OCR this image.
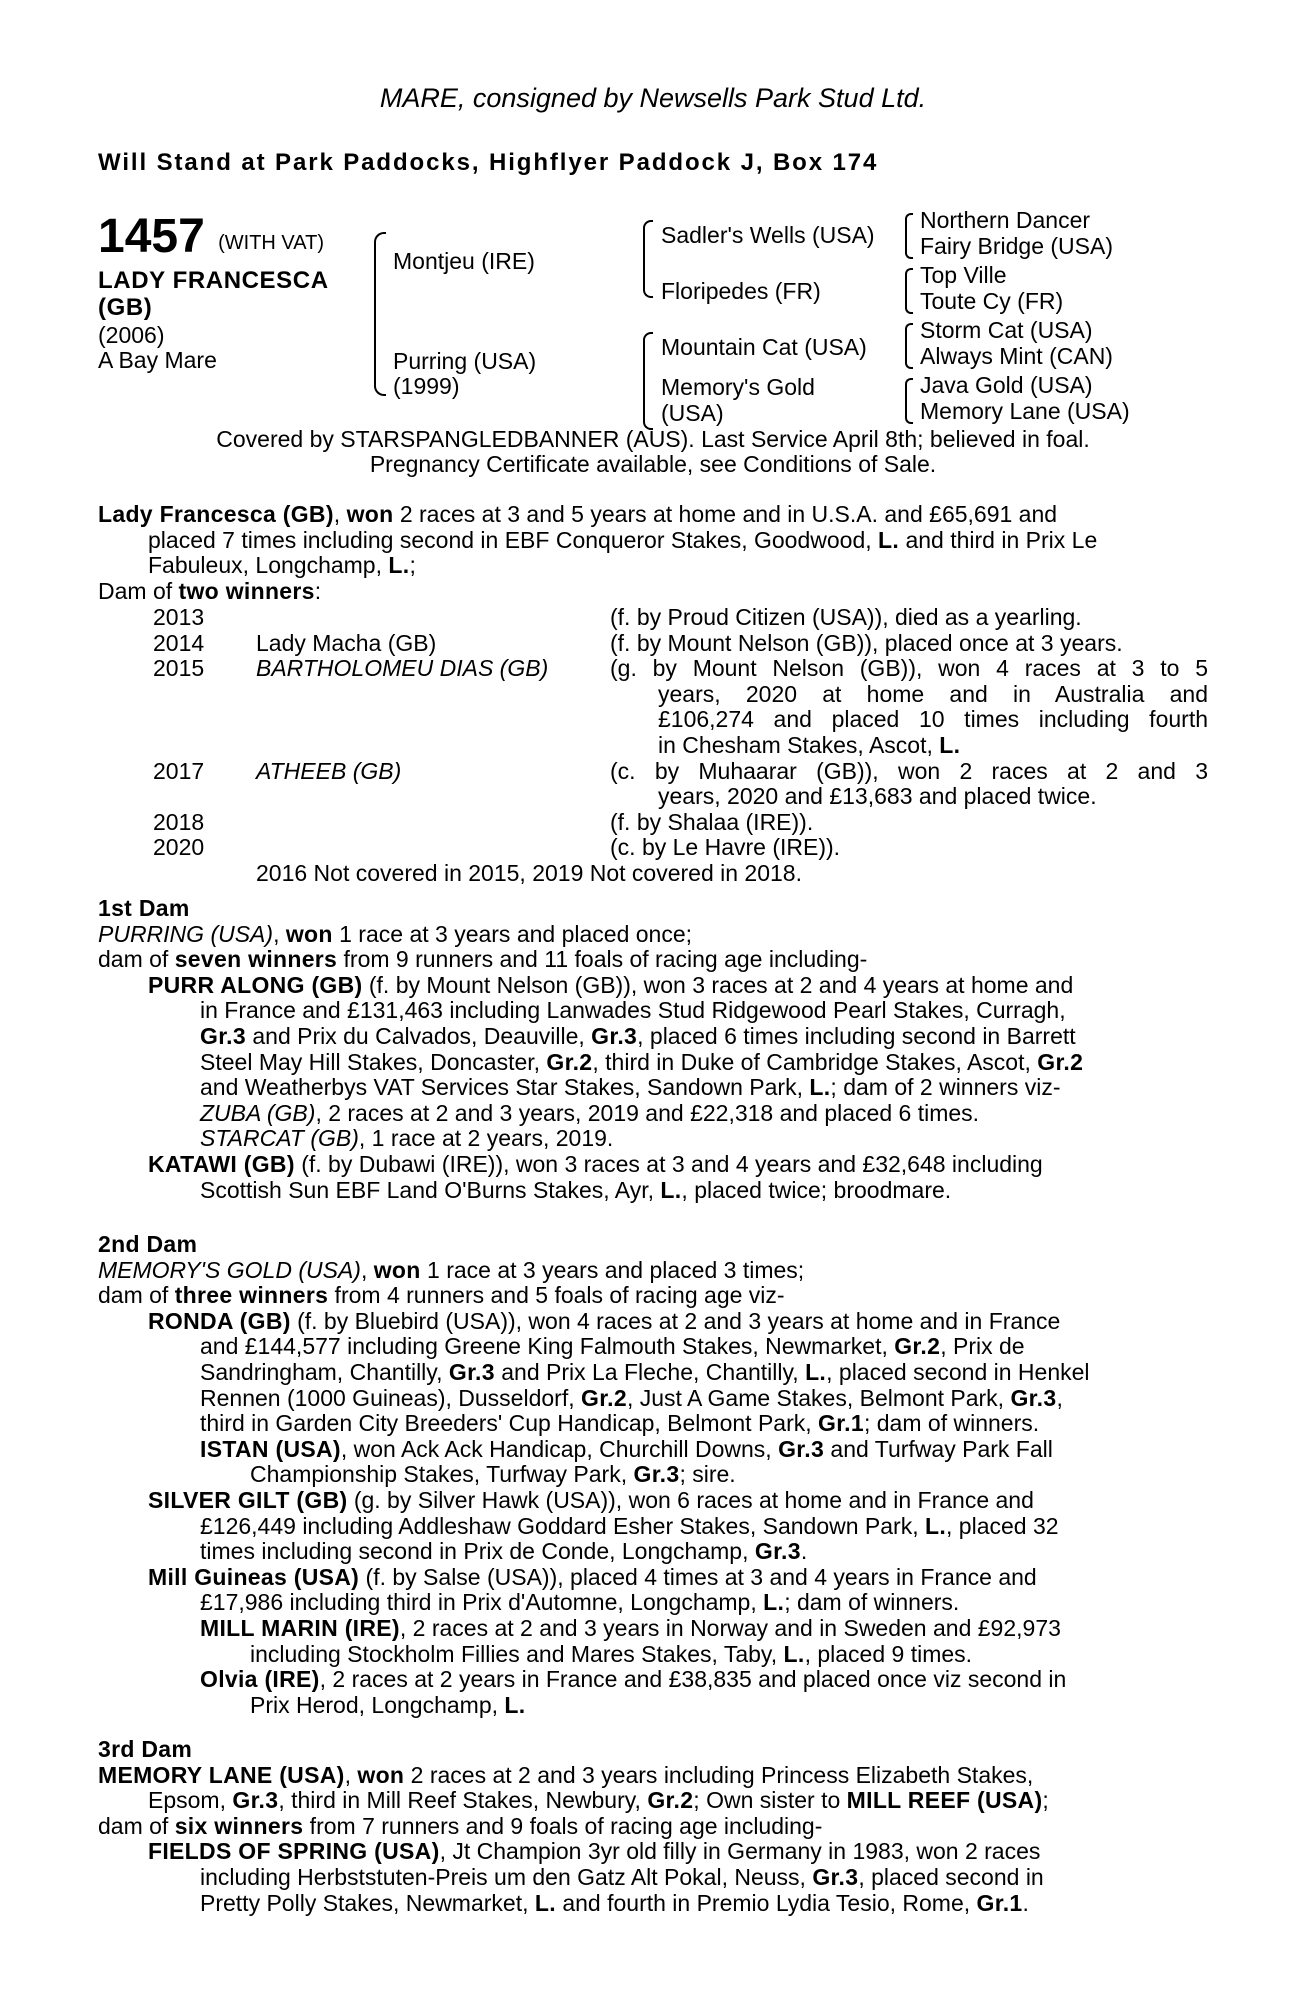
MARE, consigned by Newsells Park Stud Ltd.
Will Stand at Park Paddocks, Highflyer Paddock J, Box 174
1457 (WITH VAT)
LADY FRANCESCA
(GB)
(2006)
A Bay Mare
Montjeu (IRE)
Purring (USA)
(1999)
Sadler's Wells (USA)
Floripedes (FR)
Mountain Cat (USA)
Memory's Gold
(USA)
Northern Dancer
Fairy Bridge (USA)
Top Ville
Toute Cy (FR)
Storm Cat (USA)
Always Mint (CAN)
Java Gold (USA)
Memory Lane (USA)
Covered by STARSPANGLEDBANNER (AUS). Last Service April 8th; believed in foal.
Pregnancy Certificate available, see Conditions of Sale.
Lady Francesca (GB), won 2 races at 3 and 5 years at home and in U.S.A. and £65,691 and
placed 7 times including second in EBF Conqueror Stakes, Goodwood, L. and third in Prix Le
Fabuleux, Longchamp, L.;
Dam of two winners:
2013	(f. by Proud Citizen (USA)), died as a yearling.
2014 Lady Macha (GB)	(f. by Mount Nelson (GB)), placed once at 3 years.
2015 BARTHOLOMEU DIAS (GB)	(g. by Mount Nelson (GB)), won 4 races at 3 to 5
years, 2020 at home and in Australia and
£106,274 and placed 10 times including fourth
in Chesham Stakes, Ascot, L.
2017 ATHEEB (GB)	(c. by Muhaarar (GB)), won 2 races at 2 and 3
years, 2020 and £13,683 and placed twice.
2018	(f. by Shalaa (IRE)).
2020	(c. by Le Havre (IRE)).
2016 Not covered in 2015, 2019 Not covered in 2018.
1st Dam
PURRING (USA), won 1 race at 3 years and placed once;
dam of seven winners from 9 runners and 11 foals of racing age including-
PURR ALONG (GB) (f. by Mount Nelson (GB)), won 3 races at 2 and 4 years at home and
in France and £131,463 including Lanwades Stud Ridgewood Pearl Stakes, Curragh,
Gr.3 and Prix du Calvados, Deauville, Gr.3, placed 6 times including second in Barrett
Steel May Hill Stakes, Doncaster, Gr.2, third in Duke of Cambridge Stakes, Ascot, Gr.2
and Weatherbys VAT Services Star Stakes, Sandown Park, L.; dam of 2 winners viz-
ZUBA (GB), 2 races at 2 and 3 years, 2019 and £22,318 and placed 6 times.
STARCAT (GB), 1 race at 2 years, 2019.
KATAWI (GB) (f. by Dubawi (IRE)), won 3 races at 3 and 4 years and £32,648 including
Scottish Sun EBF Land O'Burns Stakes, Ayr, L., placed twice; broodmare.
2nd Dam
MEMORY'S GOLD (USA), won 1 race at 3 years and placed 3 times;
dam of three winners from 4 runners and 5 foals of racing age viz-
RONDA (GB) (f. by Bluebird (USA)), won 4 races at 2 and 3 years at home and in France
and £144,577 including Greene King Falmouth Stakes, Newmarket, Gr.2, Prix de
Sandringham, Chantilly, Gr.3 and Prix La Fleche, Chantilly, L., placed second in Henkel
Rennen (1000 Guineas), Dusseldorf, Gr.2, Just A Game Stakes, Belmont Park, Gr.3,
third in Garden City Breeders' Cup Handicap, Belmont Park, Gr.1; dam of winners.
ISTAN (USA), won Ack Ack Handicap, Churchill Downs, Gr.3 and Turfway Park Fall
Championship Stakes, Turfway Park, Gr.3; sire.
SILVER GILT (GB) (g. by Silver Hawk (USA)), won 6 races at home and in France and
£126,449 including Addleshaw Goddard Esher Stakes, Sandown Park, L., placed 32
times including second in Prix de Conde, Longchamp, Gr.3.
Mill Guineas (USA) (f. by Salse (USA)), placed 4 times at 3 and 4 years in France and
£17,986 including third in Prix d'Automne, Longchamp, L.; dam of winners.
MILL MARIN (IRE), 2 races at 2 and 3 years in Norway and in Sweden and £92,973
including Stockholm Fillies and Mares Stakes, Taby, L., placed 9 times.
Olvia (IRE), 2 races at 2 years in France and £38,835 and placed once viz second in
Prix Herod, Longchamp, L.
3rd Dam
MEMORY LANE (USA), won 2 races at 2 and 3 years including Princess Elizabeth Stakes,
Epsom, Gr.3, third in Mill Reef Stakes, Newbury, Gr.2; Own sister to MILL REEF (USA);
dam of six winners from 7 runners and 9 foals of racing age including-
FIELDS OF SPRING (USA), Jt Champion 3yr old filly in Germany in 1983, won 2 races
including Herbststuten-Preis um den Gatz Alt Pokal, Neuss, Gr.3, placed second in
Pretty Polly Stakes, Newmarket, L. and fourth in Premio Lydia Tesio, Rome, Gr.1.
